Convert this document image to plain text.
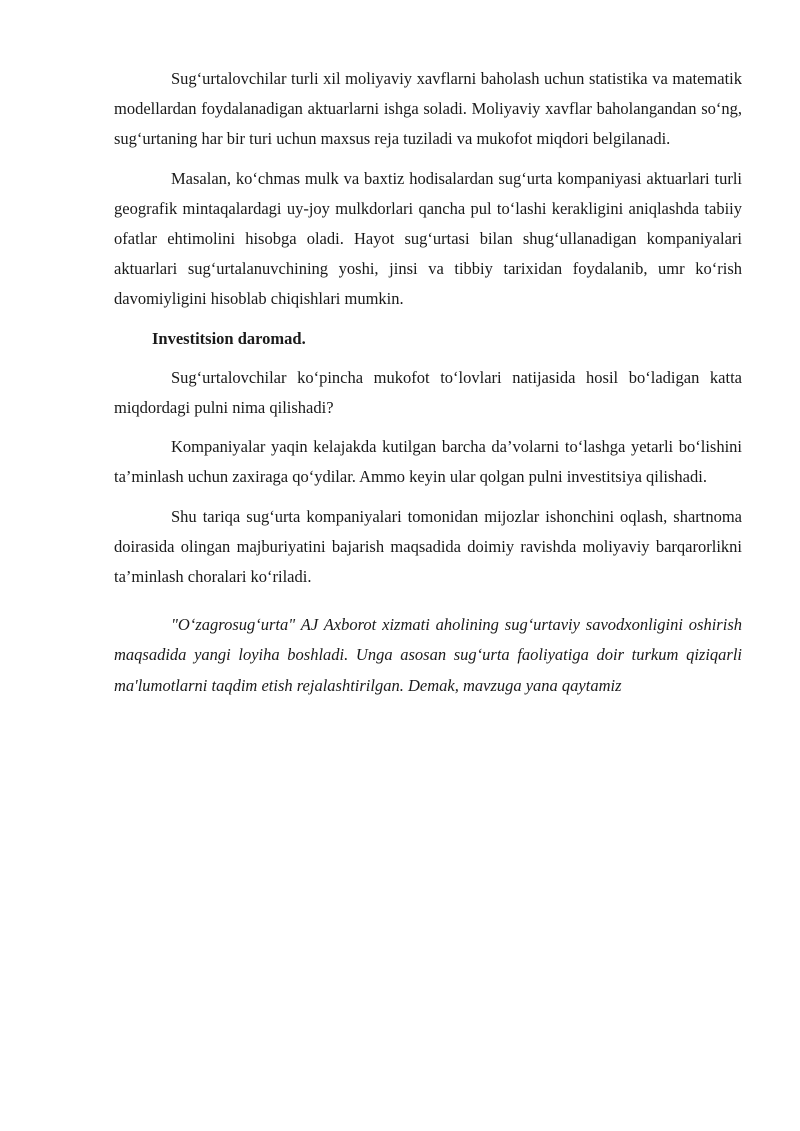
Sug‘urtalovchilar turli xil moliyaviy xavflarni baholash uchun statistika va matematik modellardan foydalanadigan aktuarlarni ishga soladi. Moliyaviy xavflar baholangandan so‘ng, sug‘urtaning har bir turi uchun maxsus reja tuziladi va mukofot miqdori belgilanadi.

Masalan, ko‘chmas mulk va baxtiz hodisalardan sug‘urta kompaniyasi aktuarlari turli geografik mintaqalardagi uy-joy mulkdorlari qancha pul to‘lashi kerakligini aniqlashda tabiiy ofatlar ehtimolini hisobga oladi. Hayot sug‘urtasi bilan shug‘ullanadigan kompaniyalari aktuarlari sug‘urtalanuvchining yoshi, jinsi va tibbiy tarixidan foydalanib, umr ko‘rish davomiyligini hisoblab chiqishlari mumkin.

Investitsion daromad.

Sug‘urtalovchilar ko‘pincha mukofot to‘lovlari natijasida hosil bo‘ladigan katta miqdordagi pulni nima qilishadi?

Kompaniyalar yaqin kelajakda kutilgan barcha da’volarni to‘lashga yetarli bo‘lishini ta’minlash uchun zaxiraga qo‘ydilar. Ammo keyin ular qolgan pulni investitsiya qilishadi.

Shu tariqa sug‘urta kompaniyalari tomonidan mijozlar ishonchini oqlash, shartnoma doirasida olingan majburiyatini bajarish maqsadida doimiy ravishda moliyaviy barqarorlikni ta’minlash choralari ko‘riladi.

"O‘zagrosug‘urta" AJ Axborot xizmati aholining sug‘urtaviy savodxonligini oshirish maqsadida yangi loyiha boshladi. Unga asosan sug‘urta faoliyatiga doir turkum qiziqarli ma'lumotlarni taqdim etish rejalashtirilgan. Demak, mavzuga yana qaytamiz
